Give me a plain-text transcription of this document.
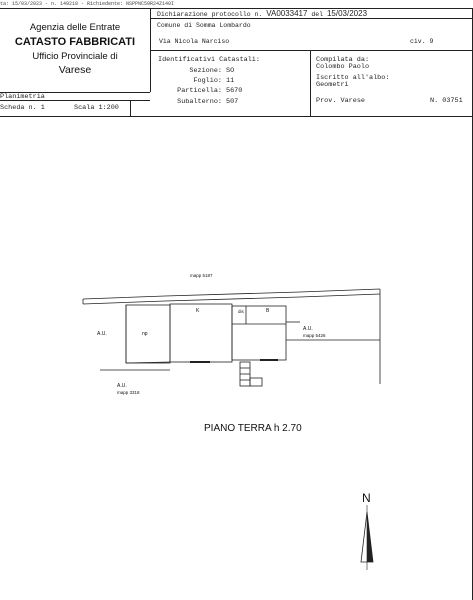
ta: 15/03/2023 - n. 149218 - Richiedente: NSPPNC59R24Z140I
Agenzia delle Entrate
CATASTO FABBRICATI
Ufficio Provinciale di
Varese
Dichiarazione protocollo n. VA0033417 del 15/03/2023
Comune di Somma Lombardo
Via Nicola Narciso	civ. 9
Identificativi Catastali:
Sezione: SO
Foglio: 11
Particella: 5670
Subalterno: 507
Compilata da:
Colombo Paolo
Iscritto all'albo:
Geometri
Prov. Varese	N. 03751
Planimetria
Scheda n. 1	Scala 1:200
mapp 5187
A.U.	np
K	dis	B
A.U.
mapp 5426
A.U.
mapp 3318
PIANO TERRA h 2.70
N
